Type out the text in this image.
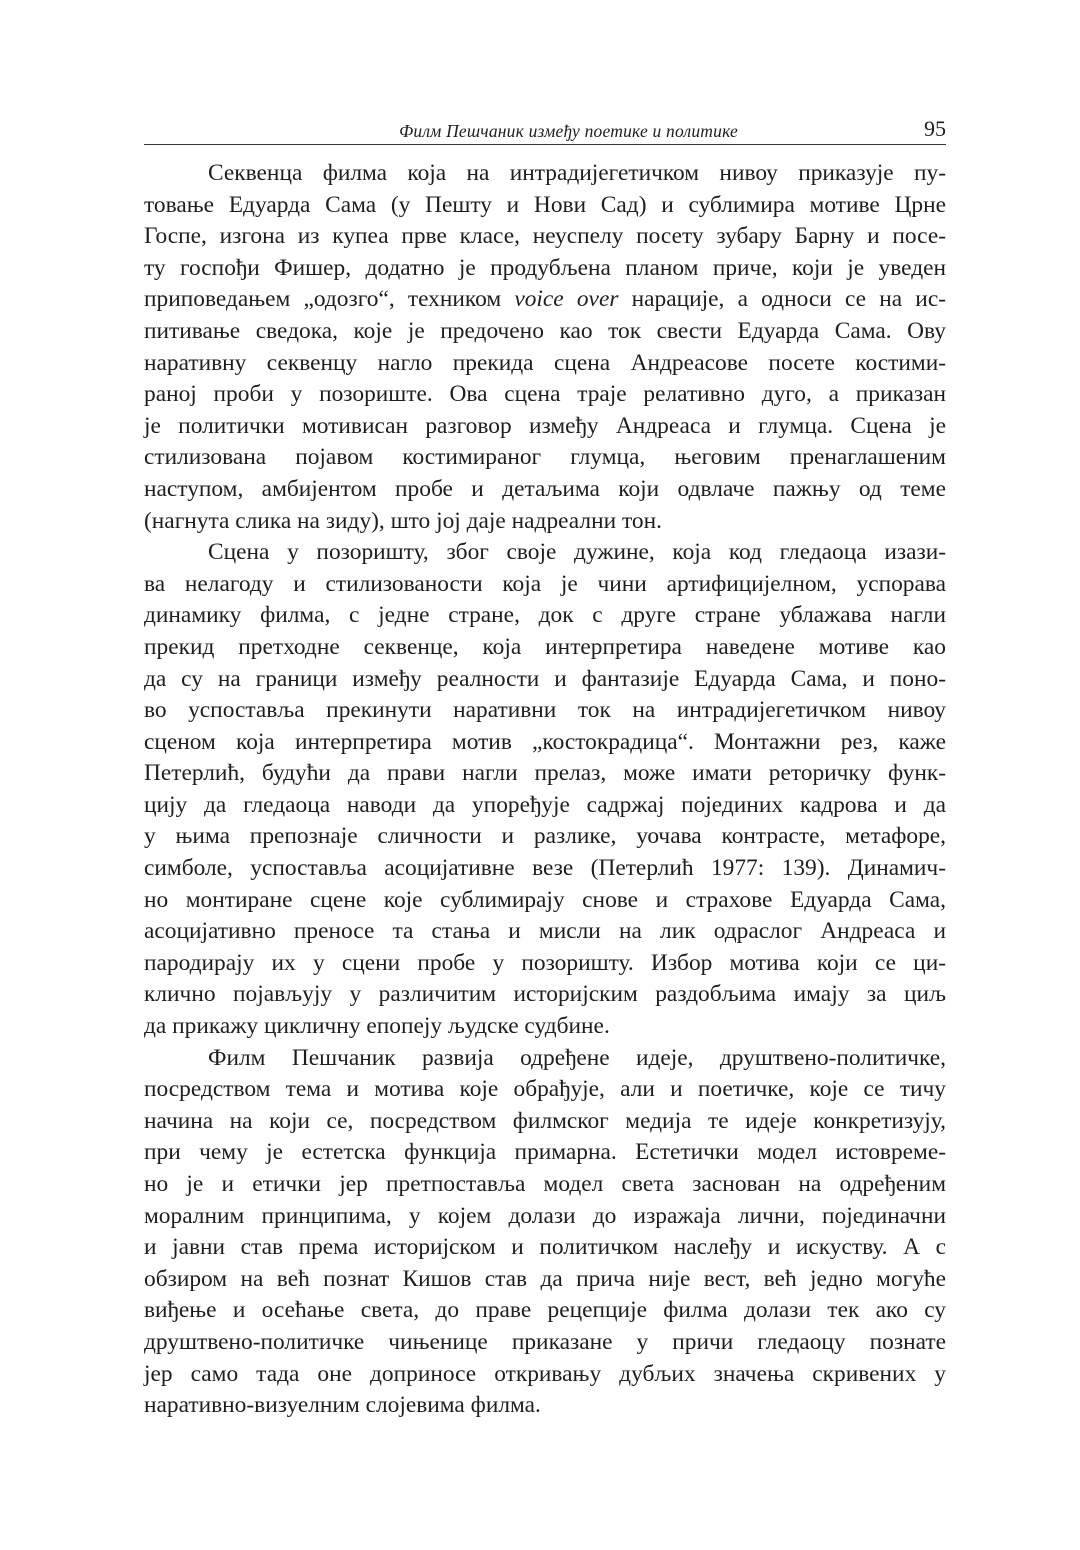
Филм Пешчаник између поетике и политике	95

Секвенца филма која на интрадијегетичком нивоу приказује пу-
товање Едуарда Сама (у Пешту и Нови Сад) и сублимира мотиве Црне
Госпе, изгона из купеа прве класе, неуспелу посету зубару Барну и посе-
ту госпођи Фишер, додатно је продубљена планом приче, који је уведен
приповедањем „одозго“, техником voice over нарације, а односи се на ис-
питивање сведока, које је предочено као ток свести Едуарда Сама. Ову
наративну секвенцу нагло прекида сцена Андреасове посете костими-
раној проби у позориште. Ова сцена траје релативно дуго, а приказан
је политички мотивисан разговор између Андреаса и глумца. Сцена је
стилизована појавом костимираног глумца, његовим пренаглашеним
наступом, амбијентом пробе и детаљима који одвлаче пажњу од теме
(нагнута слика на зиду), што јој даје надреални тон.

Сцена у позоришту, због своје дужине, која код гледаоца изази-
ва нелагоду и стилизованости која је чини артифицијелном, успорава
динамику филма, с једне стране, док с друге стране ублажава нагли
прекид претходне секвенце, која интерпретира наведене мотиве као
да су на граници између реалности и фантазије Едуарда Сама, и поно-
во успоставља прекинути наративни ток на интрадијегетичком нивоу
сценом која интерпретира мотив „костокрадица“. Монтажни рез, каже
Петерлић, будући да прави нагли прелаз, може имати реторичку функ-
цију да гледаоца наводи да упоређује садржај појединих кадрова и да
у њима препознаје сличности и разлике, уочава контрасте, метафоре,
симболе, успоставља асоцијативне везе (Петерлић 1977: 139). Динамич-
но монтиране сцене које сублимирају снове и страхове Едуарда Сама,
асоцијативно преносе та стања и мисли на лик одраслог Андреаса и
пародирају их у сцени пробе у позоришту. Избор мотива који се ци-
клично појављују у различитим историјским раздобљима имају за циљ
да прикажу цикличну епопеју људске судбине.

Филм Пешчаник развија одређене идеје, друштвено-политичке,
посредством тема и мотива које обрађује, али и поетичке, које се тичу
начина на који се, посредством филмског медија те идеје конкретизују,
при чему је естетска функција примарна. Естетички модел истовреме-
но је и етички јер претпоставља модел света заснован на одређеним
моралним принципима, у којем долази до изражаја лични, појединачни
и јавни став према историјском и политичком наслеђу и искуству. А с
обзиром на већ познат Кишов став да прича није вест, већ једно могуће
виђење и осећање света, до праве рецепције филма долази тек ако су
друштвено-политичке чињенице приказане у причи гледаоцу познате
јер само тада оне доприносе откривању дубљих значења скривених у
наративно-визуелним слојевима филма.
